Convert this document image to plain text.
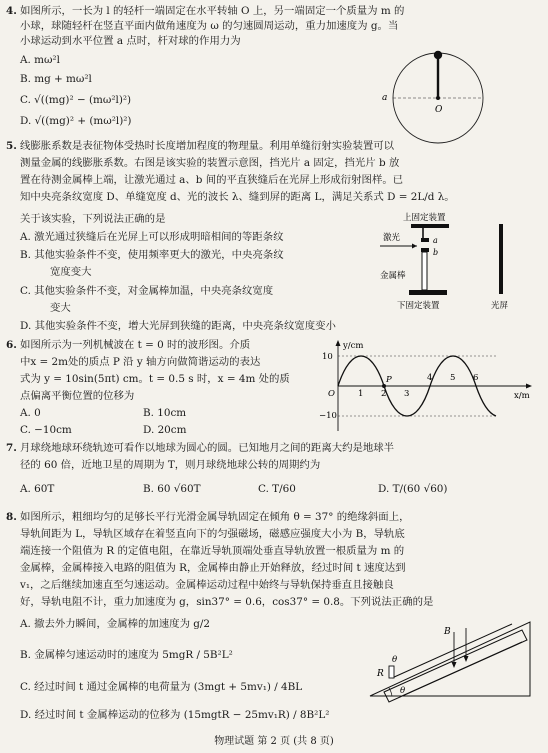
4. 如图所示，一长为 l 的轻杆一端固定在水平转轴 O 上，另一端固定一个质量为 m 的
小球，球随轻杆在竖直平面内做角速度为 ω 的匀速圆周运动，重力加速度为 g。当
小球运动到水平位置 a 点时，杆对球的作用力为
A. mω²l
B. mg + mω²l
C. √((mg)² − (mω²l)²)
D. √((mg)² + (mω²l)²)
a
O
5. 线膨胀系数是表征物体受热时长度增加程度的物理量。利用单缝衍射实验装置可以
测量金属的线膨胀系数。右图是该实验的装置示意图，挡光片 a 固定，挡光片 b 放
置在待测金属棒上端，让激光通过 a、b 间的平直狭缝后在光屏上形成衍射图样。已
知中央亮条纹宽度 D、单缝宽度 d、光的波长 λ、缝到屏的距离 L，满足关系式 D = 2L/d λ。
关于该实验，下列说法正确的是
A. 激光通过狭缝后在光屏上可以形成明暗相间的等距条纹
B. 其他实验条件不变，使用频率更大的激光，中央亮条纹
宽度变大
C. 其他实验条件不变，对金属棒加温，中央亮条纹宽度
变大
D. 其他实验条件不变，增大光屏到狭缝的距离，中央亮条纹宽度变小
上固定装置
激光	a
b
金属棒
下固定装置	光屏
6. 如图所示为一列机械波在 t = 0 时的波形图。介质
中x = 2m处的质点 P 沿 y 轴方向做简谐运动的表达
式为 y = 10sin(5πt) cm。t = 0.5 s 时，x = 4m 处的质
点偏离平衡位置的位移为
A. 0	B. 10cm
C. −10cm	D. 20cm
y/cm
x/m
10
−10
O
P
1 2 3
4 5 6
7. 月球绕地球环绕轨迹可看作以地球为圆心的圆。已知地月之间的距离大约是地球半
径的 60 倍，近地卫星的周期为 T，则月球绕地球公转的周期约为
A. 60T	B. 60 √60T	C. T/60	D. T/(60 √60)
8. 如图所示，粗细均匀的足够长平行光滑金属导轨固定在倾角 θ = 37° 的绝缘斜面上，
导轨间距为 L，导轨区域存在着竖直向下的匀强磁场，磁感应强度大小为 B，导轨底
端连接一个阻值为 R 的定值电阻，在靠近导轨顶端处垂直导轨放置一根质量为 m 的
金属棒，金属棒接入电路的阻值为 R，金属棒由静止开始释放，经过时间 t 速度达到
v₁，之后继续加速直至匀速运动。金属棒运动过程中始终与导轨保持垂直且接触良
好，导轨电阻不计，重力加速度为 g，sin37° = 0.6，cos37° = 0.8。下列说法正确的是
A. 撤去外力瞬间，金属棒的加速度为 g/2
B. 金属棒匀速运动时的速度为 5mgR / 5B²L²
C. 经过时间 t 通过金属棒的电荷量为 (3mgt + 5mv₁) / 4BL
D. 经过时间 t 金属棒运动的位移为 (15mgtR − 25mv₁R) / 8B²L²
B
R
θ
θ
物理试题 第 2 页 (共 8 页)
